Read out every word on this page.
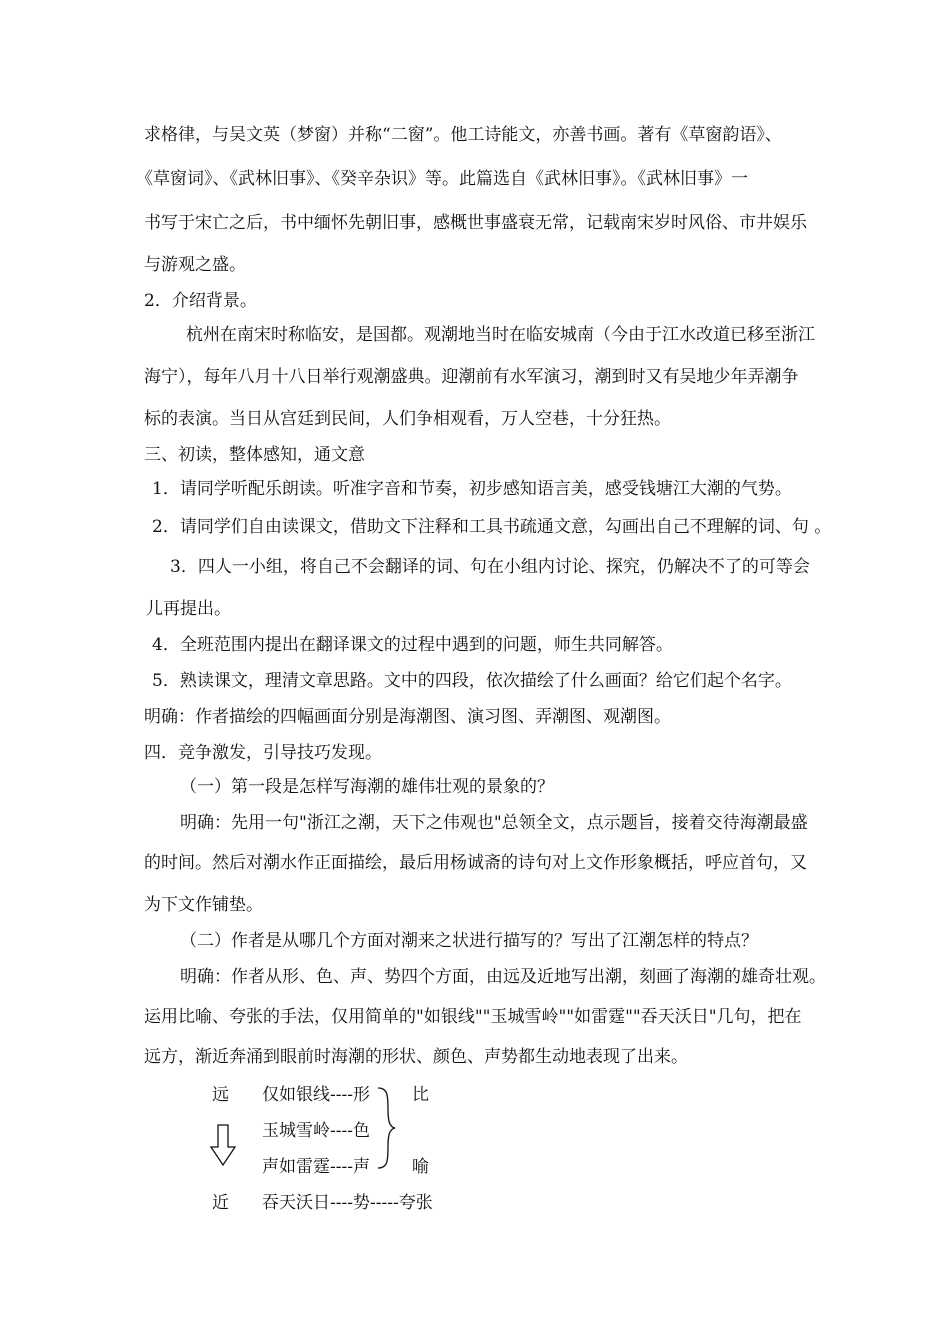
求格律，与吴文英（梦窗）并称“二窗”。他工诗能文，亦善书画。著有《草窗韵语》、
《草窗词》、《武林旧事》、《癸辛杂识》等。此篇选自《武林旧事》。《武林旧事》一
书写于宋亡之后，书中缅怀先朝旧事，感概世事盛衰无常，记载南宋岁时风俗、市井娱乐
与游观之盛。
2．介绍背景。
杭州在南宋时称临安，是国都。观潮地当时在临安城南（今由于江水改道已移至浙江
海宁），每年八月十八日举行观潮盛典。迎潮前有水军演习，潮到时又有吴地少年弄潮争
标的表演。当日从宫廷到民间，人们争相观看，万人空巷，十分狂热。
三、初读，整体感知，通文意
1．请同学听配乐朗读。听准字音和节奏，初步感知语言美，感受钱塘江大潮的气势。
2．请同学们自由读课文，借助文下注释和工具书疏通文意，勾画出自己不理解的词、句 。
3．四人一小组，将自己不会翻译的词、句在小组内讨论、探究，仍解决不了的可等会
儿再提出。
4．全班范围内提出在翻译课文的过程中遇到的问题，师生共同解答。
5．熟读课文，理清文章思路。文中的四段，依次描绘了什么画面？给它们起个名字。
明确：作者描绘的四幅画面分别是海潮图、演习图、弄潮图、观潮图。
四．竞争激发，引导技巧发现。
（一）第一段是怎样写海潮的雄伟壮观的景象的？
明确：先用一句"浙江之潮，天下之伟观也"总领全文，点示题旨，接着交待海潮最盛
的时间。然后对潮水作正面描绘，最后用杨诚斋的诗句对上文作形象概括，呼应首句，又
为下文作铺垫。
（二）作者是从哪几个方面对潮来之状进行描写的？写出了江潮怎样的特点？
明确：作者从形、色、声、势四个方面，由远及近地写出潮，刻画了海潮的雄奇壮观。
运用比喻、夸张的手法，仅用简单的"如银线""玉城雪岭""如雷霆""吞天沃日"几句，把在
远方，渐近奔涌到眼前时海潮的形状、颜色、声势都生动地表现了出来。
远 仅如银线----形 比
玉城雪岭----色
声如雷霆----声 喻
近 吞天沃日----势-----夸张
